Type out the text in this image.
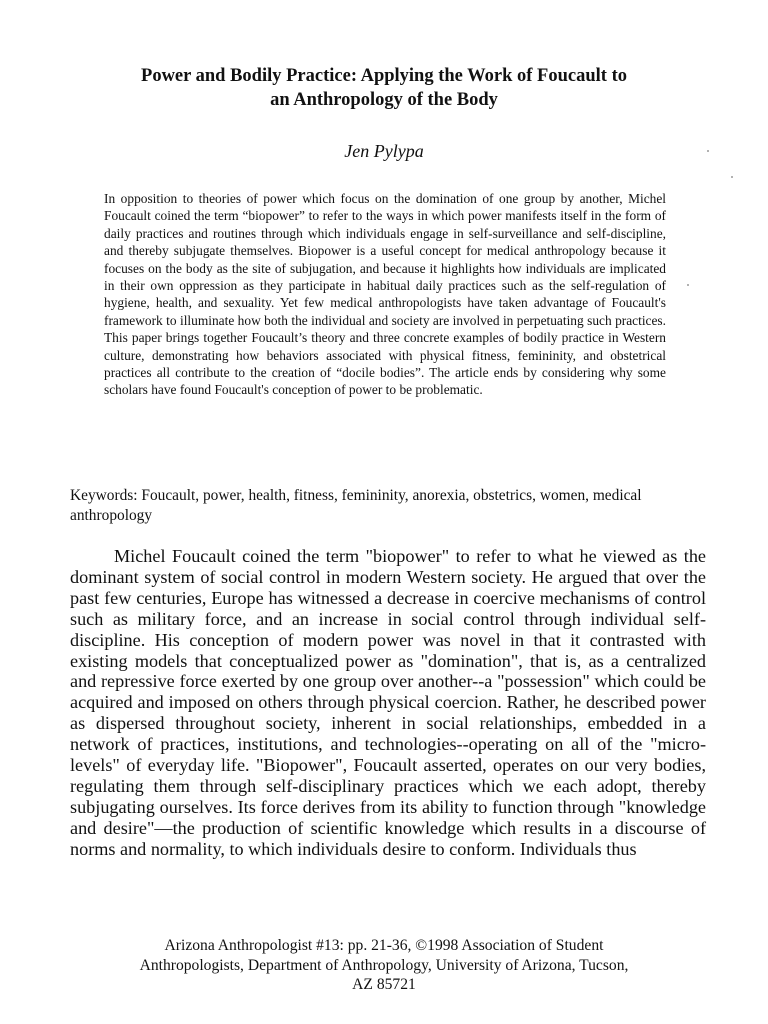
Power and Bodily Practice: Applying the Work of Foucault to
an Anthropology of the Body

Jen Pylypa

In opposition to theories of power which focus on the domination of one group by another, Michel Foucault coined the term “biopower” to refer to the ways in which power manifests itself in the form of daily practices and routines through which individuals engage in self-surveillance and self-discipline, and thereby subjugate themselves. Biopower is a useful concept for medical anthropology because it focuses on the body as the site of subjugation, and because it highlights how individuals are implicated in their own oppression as they participate in habitual daily practices such as the self-regulation of hygiene, health, and sexuality. Yet few medical anthropologists have taken advantage of Foucault's framework to illuminate how both the individual and society are involved in perpetuating such practices. This paper brings together Foucault’s theory and three concrete examples of bodily practice in Western culture, demonstrating how behaviors associated with physical fitness, femininity, and obstetrical practices all contribute to the creation of “docile bodies”. The article ends by considering why some scholars have found Foucault's conception of power to be problematic.

Keywords: Foucault, power, health, fitness, femininity, anorexia, obstetrics, women, medical anthropology

Michel Foucault coined the term "biopower" to refer to what he viewed as the dominant system of social control in modern Western society. He argued that over the past few centuries, Europe has witnessed a decrease in coercive mechanisms of control such as military force, and an increase in social control through individual self-discipline. His conception of modern power was novel in that it contrasted with existing models that conceptualized power as "domination", that is, as a centralized and repressive force exerted by one group over another--a "possession" which could be acquired and imposed on others through physical coercion. Rather, he described power as dispersed throughout society, inherent in social relationships, embedded in a network of practices, institutions, and technologies--operating on all of the "micro-levels" of everyday life. "Biopower", Foucault asserted, operates on our very bodies, regulating them through self-disciplinary practices which we each adopt, thereby subjugating ourselves. Its force derives from its ability to function through "knowledge and desire"—the production of scientific knowledge which results in a discourse of norms and normality, to which individuals desire to conform. Individuals thus

Arizona Anthropologist #13: pp. 21-36, ©1998 Association of Student
Anthropologists, Department of Anthropology, University of Arizona, Tucson,
AZ 85721
